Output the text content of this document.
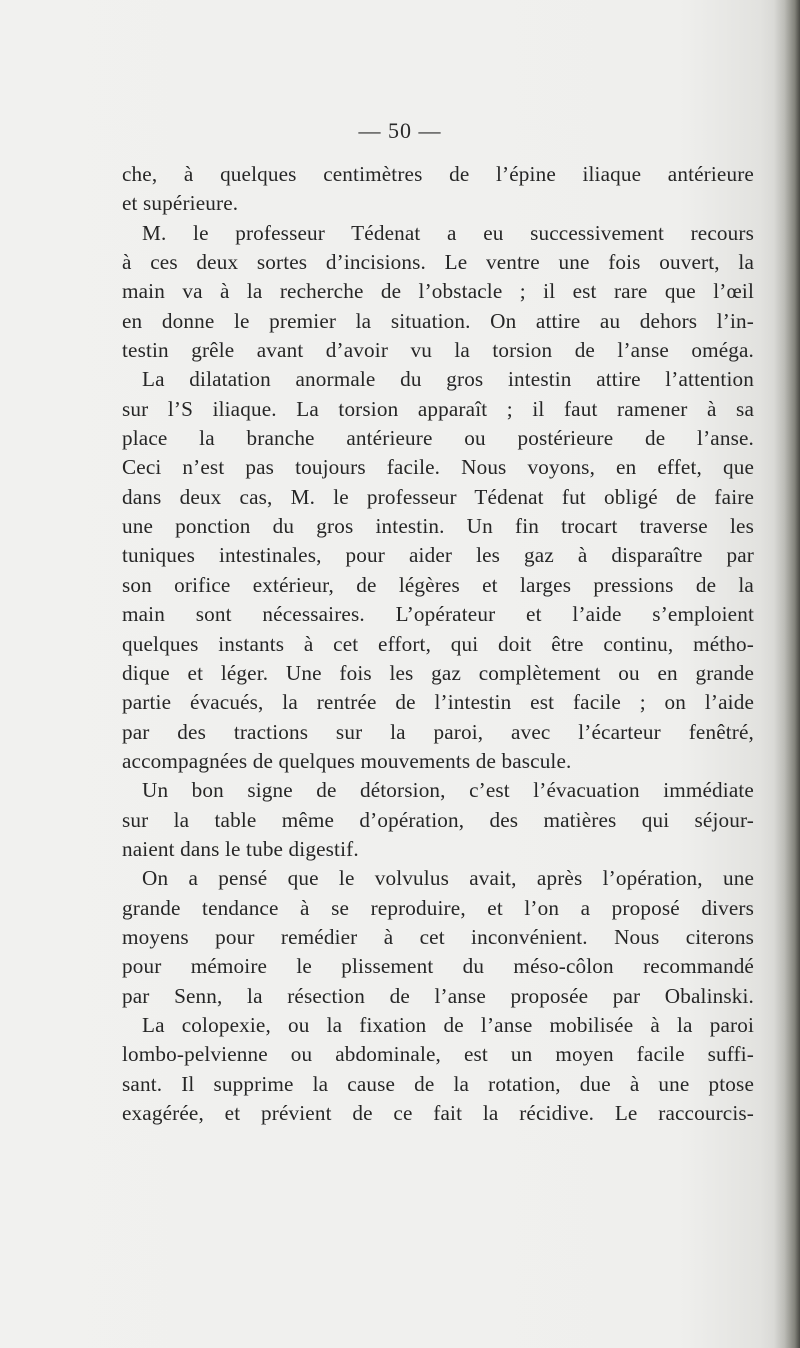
— 50 —
che, à quelques centimètres de l’épine iliaque antérieure
et supérieure.
M. le professeur Tédenat a eu successivement recours
à ces deux sortes d’incisions. Le ventre une fois ouvert, la
main va à la recherche de l’obstacle ; il est rare que l’œil
en donne le premier la situation. On attire au dehors l’in-
testin grêle avant d’avoir vu la torsion de l’anse oméga.
La dilatation anormale du gros intestin attire l’attention
sur l’S iliaque. La torsion apparaît ; il faut ramener à sa
place la branche antérieure ou postérieure de l’anse.
Ceci n’est pas toujours facile. Nous voyons, en effet, que
dans deux cas, M. le professeur Tédenat fut obligé de faire
une ponction du gros intestin. Un fin trocart traverse les
tuniques intestinales, pour aider les gaz à disparaître par
son orifice extérieur, de légères et larges pressions de la
main sont nécessaires. L’opérateur et l’aide s’emploient
quelques instants à cet effort, qui doit être continu, métho-
dique et léger. Une fois les gaz complètement ou en grande
partie évacués, la rentrée de l’intestin est facile ; on l’aide
par des tractions sur la paroi, avec l’écarteur fenêtré,
accompagnées de quelques mouvements de bascule.
Un bon signe de détorsion, c’est l’évacuation immédiate
sur la table même d’opération, des matières qui séjour-
naient dans le tube digestif.
On a pensé que le volvulus avait, après l’opération, une
grande tendance à se reproduire, et l’on a proposé divers
moyens pour remédier à cet inconvénient. Nous citerons
pour mémoire le plissement du méso-côlon recommandé
par Senn, la résection de l’anse proposée par Obalinski.
La colopexie, ou la fixation de l’anse mobilisée à la paroi
lombo-pelvienne ou abdominale, est un moyen facile suffi-
sant. Il supprime la cause de la rotation, due à une ptose
exagérée, et prévient de ce fait la récidive. Le raccourcis-
